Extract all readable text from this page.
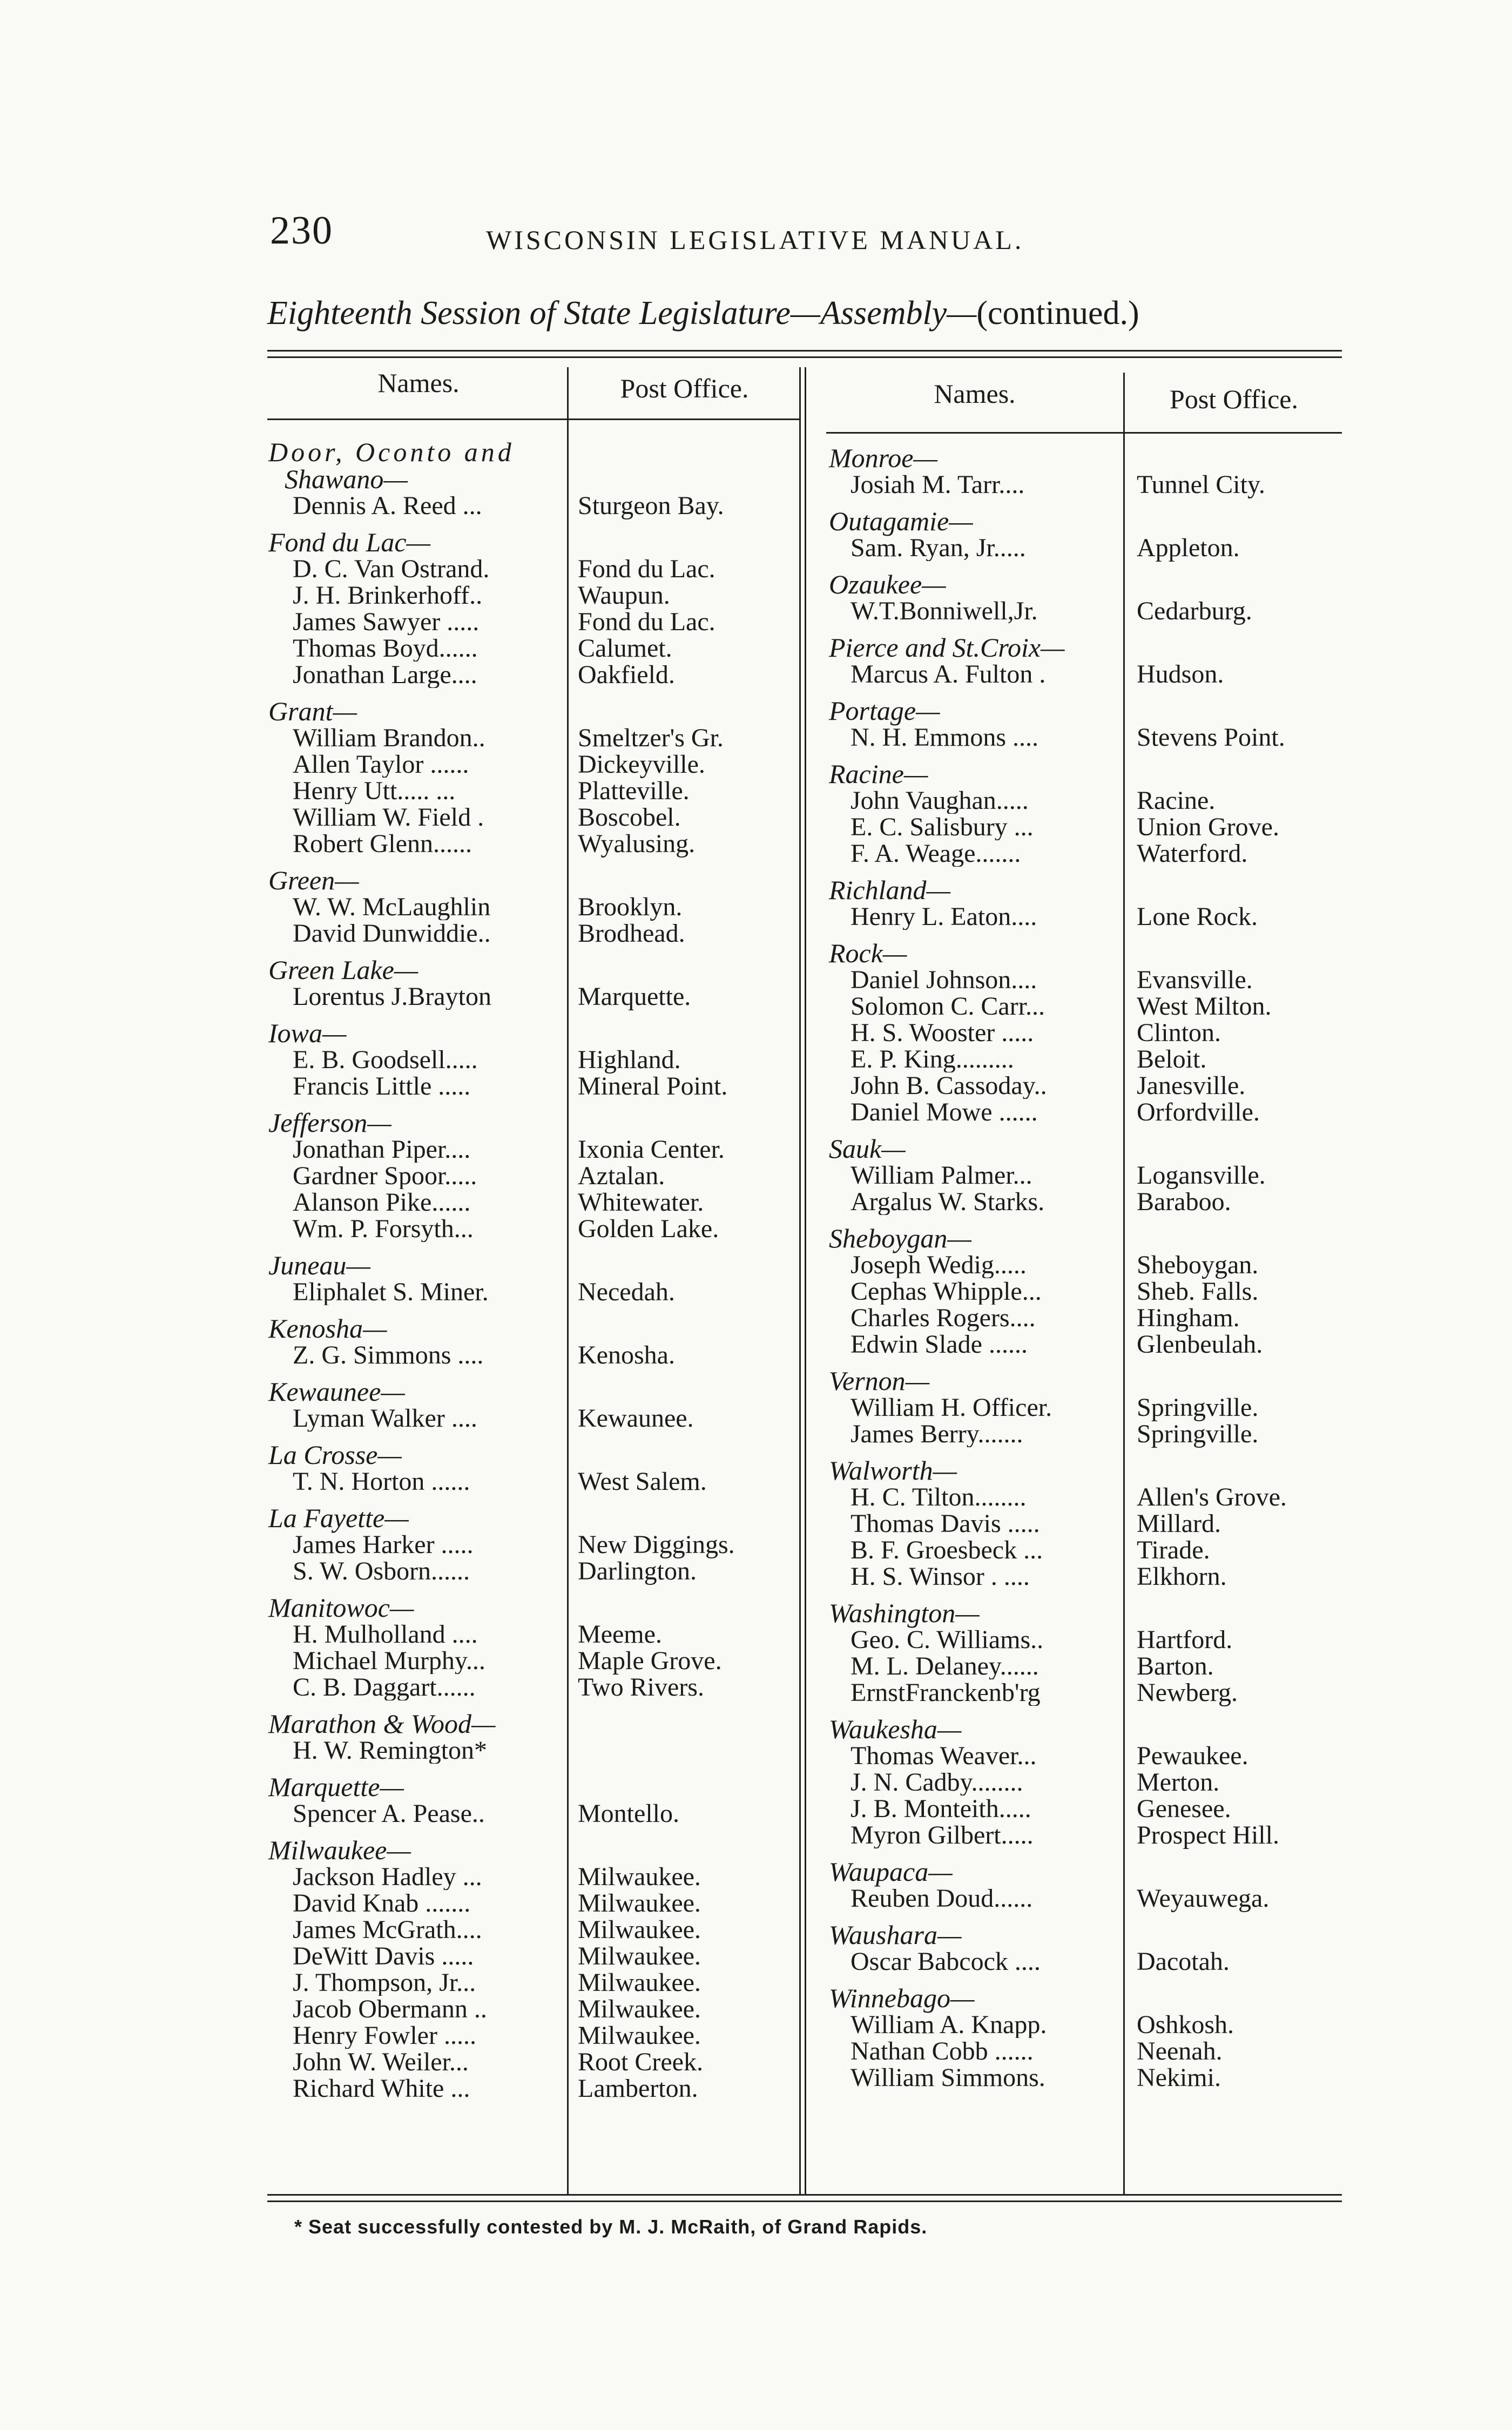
230	WISCONSIN LEGISLATIVE MANUAL.
Eighteenth Session of State Legislature—Assembly—(continued.)
Names.	Post Office.	Names.	Post Office.
Door, Oconto and
Shawano—
Dennis A. Reed ...	Sturgeon Bay.
Fond du Lac—
D. C. Van Ostrand.	Fond du Lac.
J. H. Brinkerhoff..	Waupun.
James Sawyer .....	Fond du Lac.
Thomas Boyd......	Calumet.
Jonathan Large....	Oakfield.
Grant—
William Brandon..	Smeltzer's Gr.
Allen Taylor ......	Dickeyville.
Henry Utt..... ...	Platteville.
William W. Field .	Boscobel.
Robert Glenn......	Wyalusing.
Green—
W. W. McLaughlin	Brooklyn.
David Dunwiddie..	Brodhead.
Green Lake—
Lorentus J.Brayton	Marquette.
Iowa—
E. B. Goodsell.....	Highland.
Francis Little .....	Mineral Point.
Jefferson—
Jonathan Piper....	Ixonia Center.
Gardner Spoor.....	Aztalan.
Alanson Pike......	Whitewater.
Wm. P. Forsyth...	Golden Lake.
Juneau—
Eliphalet S. Miner.	Necedah.
Kenosha—
Z. G. Simmons ....	Kenosha.
Kewaunee—
Lyman Walker ....	Kewaunee.
La Crosse—
T. N. Horton ......	West Salem.
La Fayette—
James Harker .....	New Diggings.
S. W. Osborn......	Darlington.
Manitowoc—
H. Mulholland ....	Meeme.
Michael Murphy...	Maple Grove.
C. B. Daggart......	Two Rivers.
Marathon & Wood—
H. W. Remington*
Marquette—
Spencer A. Pease..	Montello.
Milwaukee—
Jackson Hadley ...	Milwaukee.
David Knab .......	Milwaukee.
James McGrath....	Milwaukee.
DeWitt Davis .....	Milwaukee.
J. Thompson, Jr...	Milwaukee.
Jacob Obermann ..	Milwaukee.
Henry Fowler .....	Milwaukee.
John W. Weiler...	Root Creek.
Richard White ...	Lamberton.
Monroe—
Josiah M. Tarr....	Tunnel City.
Outagamie—
Sam. Ryan, Jr.....	Appleton.
Ozaukee—
W.T.Bonniwell,Jr.	Cedarburg.
Pierce and St.Croix—
Marcus A. Fulton .	Hudson.
Portage—
N. H. Emmons ....	Stevens Point.
Racine—
John Vaughan.....	Racine.
E. C. Salisbury ...	Union Grove.
F. A. Weage.......	Waterford.
Richland—
Henry L. Eaton....	Lone Rock.
Rock—
Daniel Johnson....	Evansville.
Solomon C. Carr...	West Milton.
H. S. Wooster .....	Clinton.
E. P. King.........	Beloit.
John B. Cassoday..	Janesville.
Daniel Mowe ......	Orfordville.
Sauk—
William Palmer...	Logansville.
Argalus W. Starks.	Baraboo.
Sheboygan—
Joseph Wedig.....	Sheboygan.
Cephas Whipple...	Sheb. Falls.
Charles Rogers....	Hingham.
Edwin Slade ......	Glenbeulah.
Vernon—
William H. Officer.	Springville.
James Berry.......	Springville.
Walworth—
H. C. Tilton........	Allen's Grove.
Thomas Davis .....	Millard.
B. F. Groesbeck ...	Tirade.
H. S. Winsor . ....	Elkhorn.
Washington—
Geo. C. Williams..	Hartford.
M. L. Delaney......	Barton.
ErnstFranckenb'rg	Newberg.
Waukesha—
Thomas Weaver...	Pewaukee.
J. N. Cadby........	Merton.
J. B. Monteith.....	Genesee.
Myron Gilbert.....	Prospect Hill.
Waupaca—
Reuben Doud......	Weyauwega.
Waushara—
Oscar Babcock ....	Dacotah.
Winnebago—
William A. Knapp.	Oshkosh.
Nathan Cobb ......	Neenah.
William Simmons.	Nekimi.
* Seat successfully contested by M. J. McRaith, of Grand Rapids.
